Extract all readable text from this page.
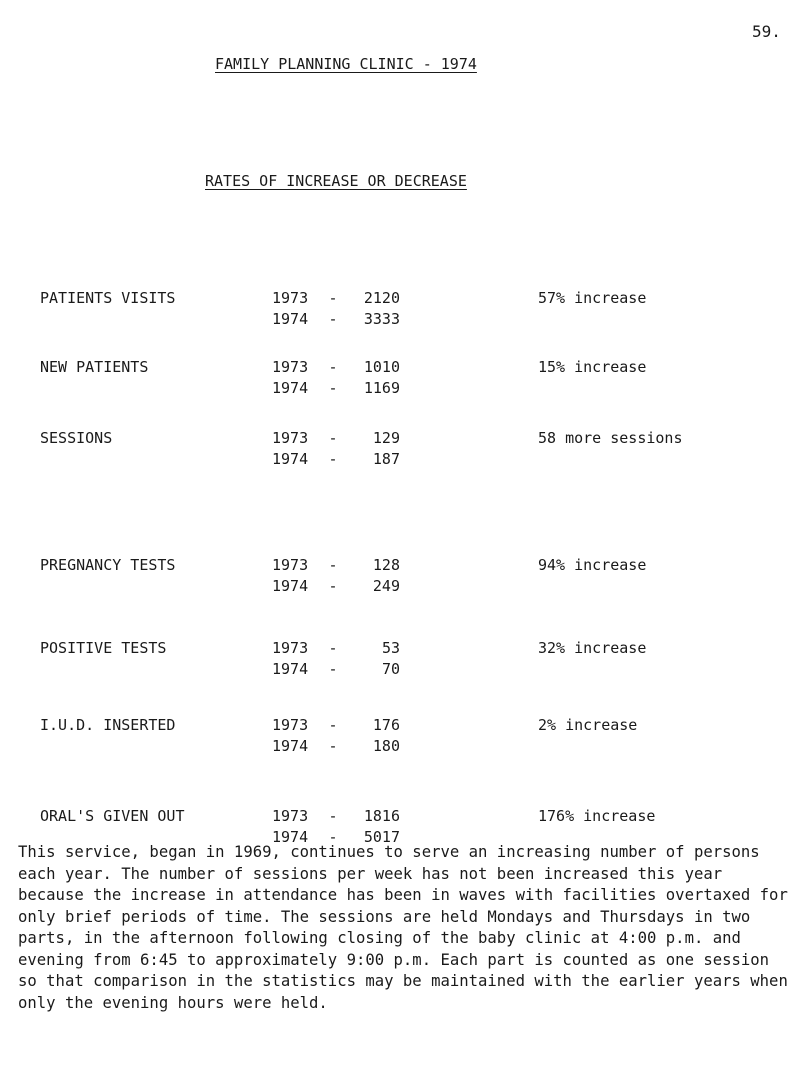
59.
FAMILY PLANNING CLINIC - 1974
RATES OF INCREASE OR DECREASE
PATIENTS VISITS	1973 - 2120
1974 - 3333
57% increase
NEW PATIENTS	1973 - 1010
1974 - 1169
15% increase
SESSIONS	1973 - 129
1974 - 187
58 more sessions
PREGNANCY TESTS	1973 - 128
1974 - 249
94% increase
POSITIVE TESTS	1973 -	53
1974 -	70
32% increase
I.U.D. INSERTED	1973 - 176
1974 - 180
2% increase
ORAL'S GIVEN OUT	1973 - 1816
1974 - 5017
176% increase

This service, began in 1969, continues to serve an increasing number of persons each year. The number of sessions per week has not been increased this year because the increase in attendance has been in waves with facilities overtaxed for only brief periods of time. The sessions are held Mondays and Thursdays in two parts, in the afternoon following closing of the baby clinic at 4:00 p.m. and evening from 6:45 to approximately 9:00 p.m. Each part is counted as one session so that comparison in the statistics may be maintained with the earlier years when only the evening hours were held.
